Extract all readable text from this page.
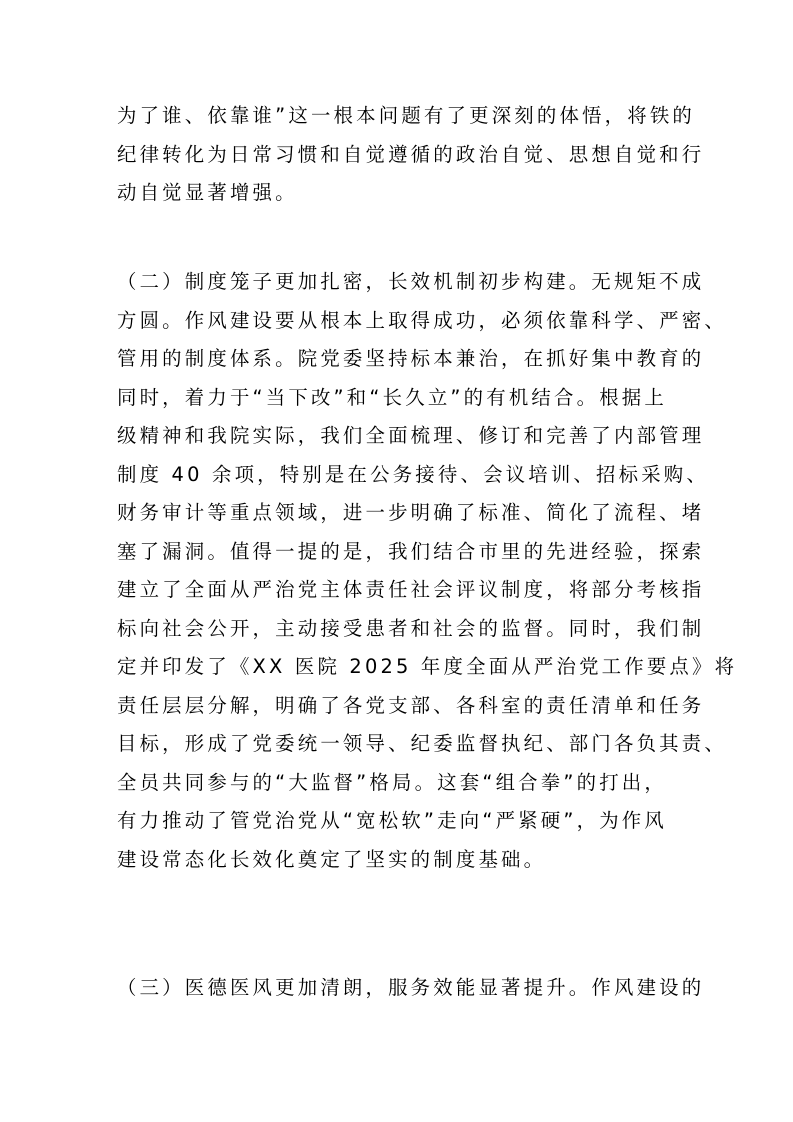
为了谁、依靠谁”这一根本问题有了更深刻的体悟，将铁的
纪律转化为日常习惯和自觉遵循的政治自觉、思想自觉和行
动自觉显著增强。
（二）制度笼子更加扎密，长效机制初步构建。无规矩不成
方圆。作风建设要从根本上取得成功，必须依靠科学、严密、
管用的制度体系。院党委坚持标本兼治，在抓好集中教育的
同时，着力于“当下改”和“长久立”的有机结合。根据上
级精神和我院实际，我们全面梳理、修订和完善了内部管理
制度 40 余项，特别是在公务接待、会议培训、招标采购、
财务审计等重点领域，进一步明确了标准、简化了流程、堵
塞了漏洞。值得一提的是，我们结合市里的先进经验，探索
建立了全面从严治党主体责任社会评议制度，将部分考核指
标向社会公开，主动接受患者和社会的监督。同时，我们制
定并印发了《XX 医院 2025 年度全面从严治党工作要点》将
责任层层分解，明确了各党支部、各科室的责任清单和任务
目标，形成了党委统一领导、纪委监督执纪、部门各负其责、
全员共同参与的“大监督”格局。这套“组合拳”的打出，
有力推动了管党治党从“宽松软”走向“严紧硬”，为作风
建设常态化长效化奠定了坚实的制度基础。
（三）医德医风更加清朗，服务效能显著提升。作风建设的
